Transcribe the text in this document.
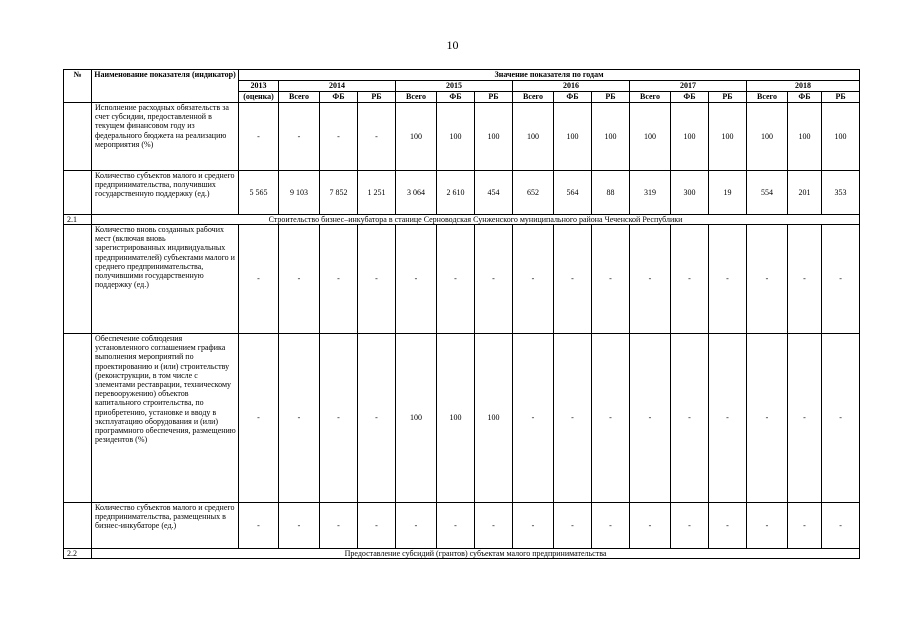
10
№	Наименование показателя (индикатор)	Значение показателя по годам															
		2013	2014			2015			2016			2017			2018		
		(оценка)	Всего	ФБ	РБ	Всего	ФБ	РБ	Всего	ФБ	РБ	Всего	ФБ	РБ	Всего	ФБ	РБ
	Исполнение расходных обязательств за счет субсидии, предоставленной в текущем финансовом году из федерального бюджета на реализацию мероприятия (%)	-	-	-	-	100	100	100	100	100	100	100	100	100	100	100	100
	Количество субъектов малого и среднего предпринимательства, получивших государственную поддержку (ед.)	5 565	9 103	7 852	1 251	3 064	2 610	454	652	564	88	319	300	19	554	201	353
2.1	Строительство бизнес–инкубатора в станице Серноводская Сунженского муниципального района Чеченской Республики																
	Количество вновь созданных рабочих мест (включая вновь зарегистрированных индивидуальных предпринимателей) субъектами малого и среднего предпринимательства, получившими государственную поддержку (ед.)	-	-	-	-	-	-	-	-	-	-	-	-	-	-	-	-
	Обеспечение соблюдения установленного соглашением графика выполнения мероприятий по проектированию и (или) строительству (реконструкции, в том числе с элементами реставрации, техническому перевооружению) объектов капитального строительства, по приобретению, установке и вводу в эксплуатацию оборудования и (или) программного обеспечения, размещению резидентов (%)	-	-	-	-	100	100	100	-	-	-	-	-	-	-	-	-
	Количество субъектов малого и среднего предпринимательства, размещенных в бизнес-инкубаторе (ед.)	-	-	-	-	-	-	-	-	-	-	-	-	-	-	-	-
2.2	Предоставление субсидий (грантов) субъектам малого предпринимательства																
